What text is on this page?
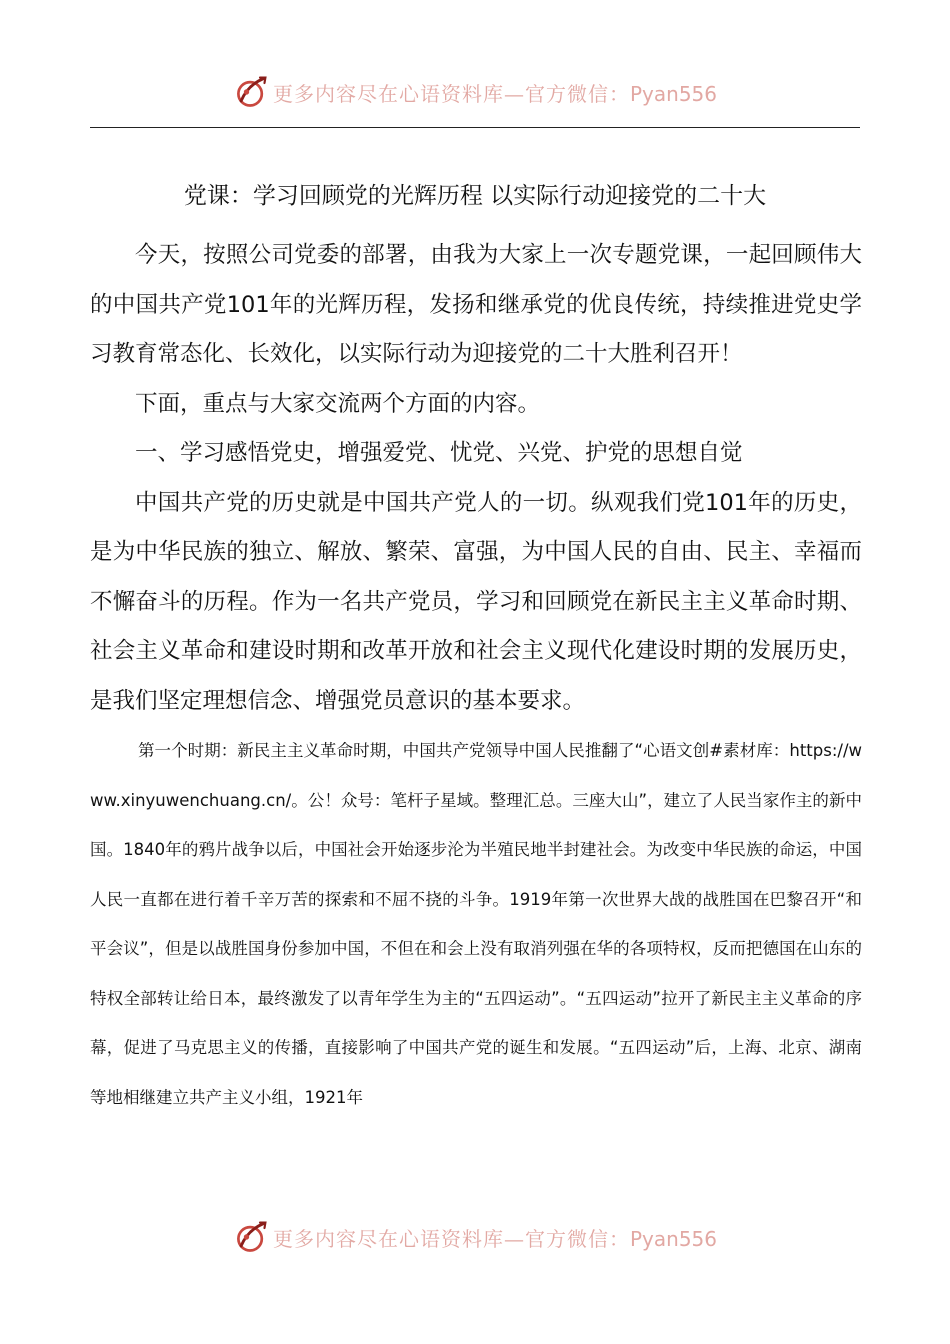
更多内容尽在心语资料库—官方微信：Pyan556
党课：学习回顾党的光辉历程 以实际行动迎接党的二十大

今天，按照公司党委的部署，由我为大家上一次专题党课，一起回顾伟大的中国共产党101年的光辉历程，发扬和继承党的优良传统，持续推进党史学习教育常态化、长效化，以实际行动为迎接党的二十大胜利召开！

下面，重点与大家交流两个方面的内容。

一、学习感悟党史，增强爱党、忧党、兴党、护党的思想自觉

中国共产党的历史就是中国共产党人的一切。纵观我们党101年的历史，是为中华民族的独立、解放、繁荣、富强，为中国人民的自由、民主、幸福而不懈奋斗的历程。作为一名共产党员，学习和回顾党在新民主主义革命时期、社会主义革命和建设时期和改革开放和社会主义现代化建设时期的发展历史，是我们坚定理想信念、增强党员意识的基本要求。

第一个时期：新民主主义革命时期，中国共产党领导中国人民推翻了“心语文创#素材库：https://www.xinyuwenchuang.cn/。公！众号：笔杆子星域。整理汇总。三座大山”，建立了人民当家作主的新中国。1840年的鸦片战争以后，中国社会开始逐步沦为半殖民地半封建社会。为改变中华民族的命运，中国人民一直都在进行着千辛万苦的探索和不屈不挠的斗争。1919年第一次世界大战的战胜国在巴黎召开“和平会议”，但是以战胜国身份参加中国，不但在和会上没有取消列强在华的各项特权，反而把德国在山东的特权全部转让给日本，最终激发了以青年学生为主的“五四运动”。“五四运动”拉开了新民主主义革命的序幕，促进了马克思主义的传播，直接影响了中国共产党的诞生和发展。“五四运动”后，上海、北京、湖南等地相继建立共产主义小组，1921年

更多内容尽在心语资料库—官方微信：Pyan556
